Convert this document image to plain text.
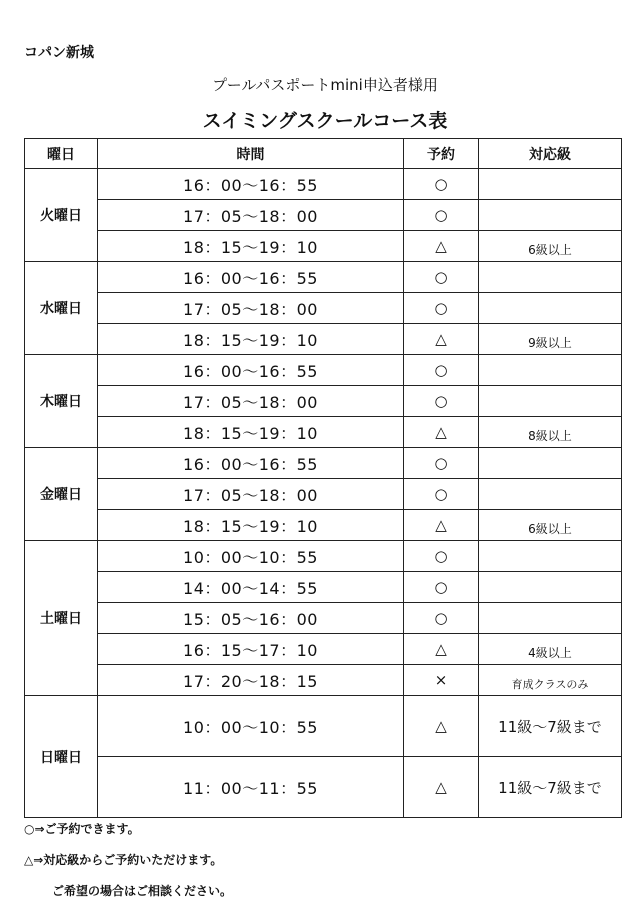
コパン新城
プールパスポートmini申込者様用
スイミングスクールコース表
曜日	時間	予約	対応級
火曜日	16：00〜16：55	○	
	17：05〜18：00	○	
	18：15〜19：10	△	6級以上
水曜日	16：00〜16：55	○	
	17：05〜18：00	○	
	18：15〜19：10	△	9級以上
木曜日	16：00〜16：55	○	
	17：05〜18：00	○	
	18：15〜19：10	△	8級以上
金曜日	16：00〜16：55	○	
	17：05〜18：00	○	
	18：15〜19：10	△	6級以上
土曜日	10：00〜10：55	○	
	14：00〜14：55	○	
	15：05〜16：00	○	
	16：15〜17：10	△	4級以上
	17：20〜18：15	×	育成クラスのみ
日曜日	10：00〜10：55	△	11級〜7級まで
	11：00〜11：55	△	11級〜7級まで
○⇒ご予約できます。
△⇒対応級からご予約いただけます。
ご希望の場合はご相談ください。
